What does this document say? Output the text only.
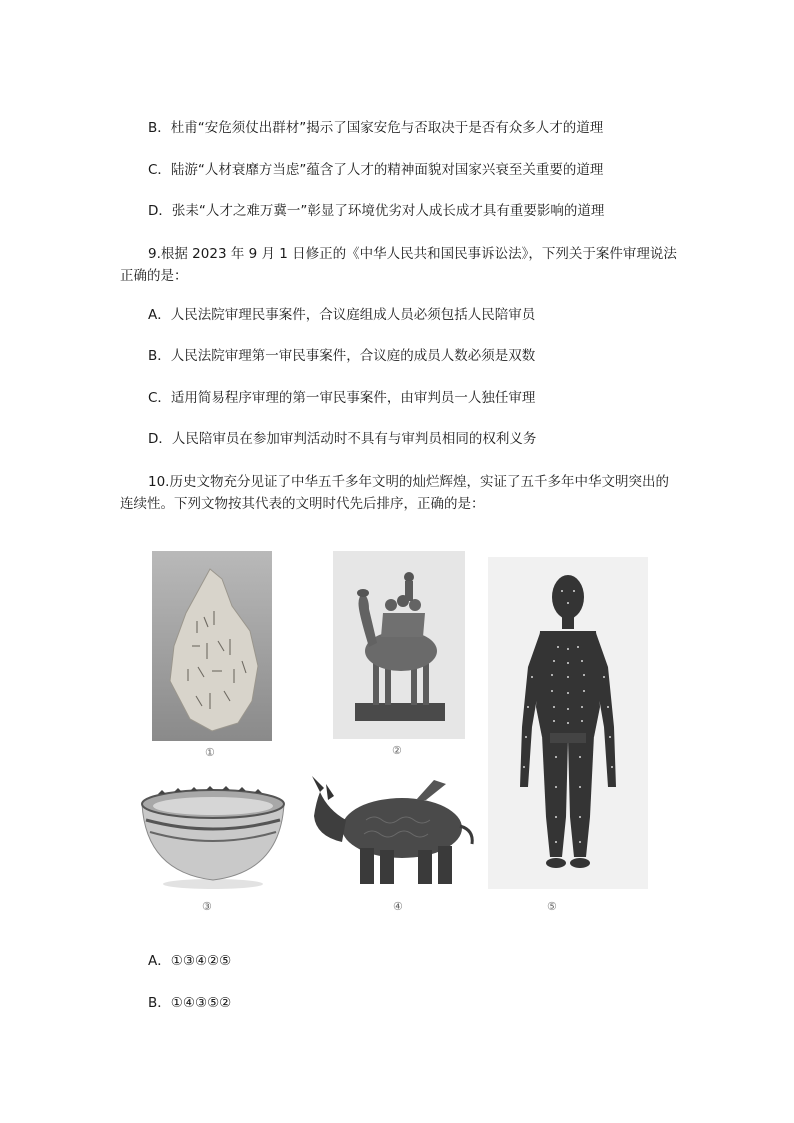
B．杜甫“安危须仗出群材”揭示了国家安危与否取决于是否有众多人才的道理
C．陆游“人材衰靡方当虑”蕴含了人才的精神面貌对国家兴衰至关重要的道理
D．张耒“人才之难万冀一”彰显了环境优劣对人成长成才具有重要影响的道理
9.根据 2023 年 9 月 1 日修正的《中华人民共和国民事诉讼法》，下列关于案件审理说法正确的是：
A．人民法院审理民事案件，合议庭组成人员必须包括人民陪审员
B．人民法院审理第一审民事案件，合议庭的成员人数必须是双数
C．适用简易程序审理的第一审民事案件，由审判员一人独任审理
D．人民陪审员在参加审判活动时不具有与审判员相同的权利义务
10.历史文物充分见证了中华五千多年文明的灿烂辉煌，实证了五千多年中华文明突出的连续性。下列文物按其代表的文明时代先后排序，正确的是：
①	②
③	④	⑤
A．①③④②⑤
B．①④③⑤②
